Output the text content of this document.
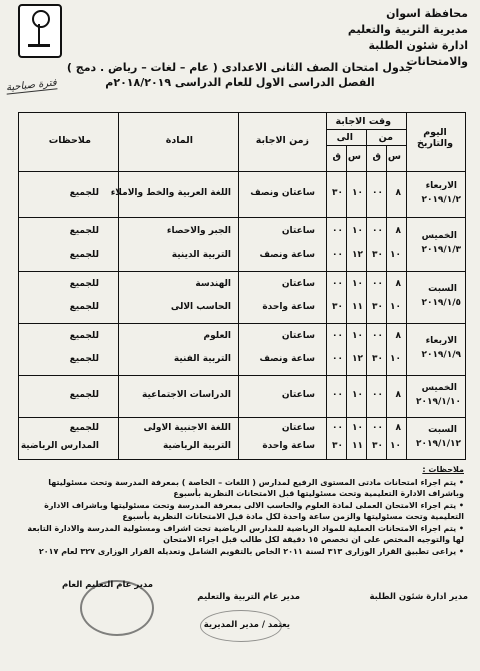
محافظة اسوان
مديرية التربية والتعليم
ادارة شئون الطلبة والامتحانات
جدول امتحان الصف الثانى الاعدادى ( عام – لغات – رياض . دمج )
الفصل الدراسى الاول للعام الدراسى ٢٠١٨/٢٠١٩م
فترة صباحية
اليوم والتاريخ
وقت الاجابة
من
الى
س
ق
س
ق
زمن الاجابة
المادة
ملاحظات
الاربعاء
٢٠١٩/١/٢
٨
٠٠
١٠
٣٠
ساعتان ونصف
اللغة العربية والخط والاملاء
للجميع
الخميس
٢٠١٩/١/٣
٨
٠٠
١٠
٠٠
١٠
٣٠
١٢
٠٠
ساعتان
ساعة ونصف
الجبر والاحصاء
التربية الدينية
للجميع
للجميع
السبت
٢٠١٩/١/٥
٨
٠٠
١٠
٠٠
١٠
٣٠
١١
٣٠
ساعتان
ساعة واحدة
الهندسة
الحاسب الالى
للجميع
للجميع
الاربعاء
٢٠١٩/١/٩
٨
٠٠
١٠
٠٠
١٠
٣٠
١٢
٠٠
ساعتان
ساعة ونصف
العلوم
التربية الفنية
للجميع
للجميع
الخميس
٢٠١٩/١/١٠
٨
٠٠
١٠
٠٠
ساعتان
الدراسات الاجتماعية
للجميع
السبت
٢٠١٩/١/١٢
٨
٠٠
١٠
٠٠
١٠
٣٠
١١
٣٠
ساعتان
ساعة واحدة
اللغة الاجنبية الاولى
التربية الرياضية
للجميع
المدارس الرياضية
ملاحظات :

• يتم اجراء امتحانات مادتى المستوى الرفيع لمدارس ( اللغات – الخاصة ) بمعرفة المدرسة وتحت مسئوليتها وباشراف الادارة التعليمية وتحت مسئوليتها قبل الامتحانات النظرية بأسبوع

• يتم اجراء الامتحان العملى لمادة العلوم والحاسب الالى بمعرفة المدرسة وتحت مسئوليتها وباشراف الادارة التعليمية وتحت مسئوليتها والزمن ساعة واحدة لكل مادة قبل الامتحانات النظرية بأسبوع

• يتم اجراء الامتحانات العملية للمواد الرياضية للمدارس الرياضية تحت اشراف ومسئولية المدرسة والادارة التابعة لها والتوجيه المختص على ان تخصص ١٥ دقيقة لكل طالب قبل اجراء الامتحان

• يراعى تطبيق القرار الوزارى ٣١٣ لسنة ٢٠١١ الخاص بالتقويم الشامل وتعديله القرار الوزارى ٣٢٧ لعام ٢٠١٧

مدير ادارة شئون الطلبة
مدير عام التربية والتعليم
مدير عام التعليم العام
يعتمد / مدير المديرية
